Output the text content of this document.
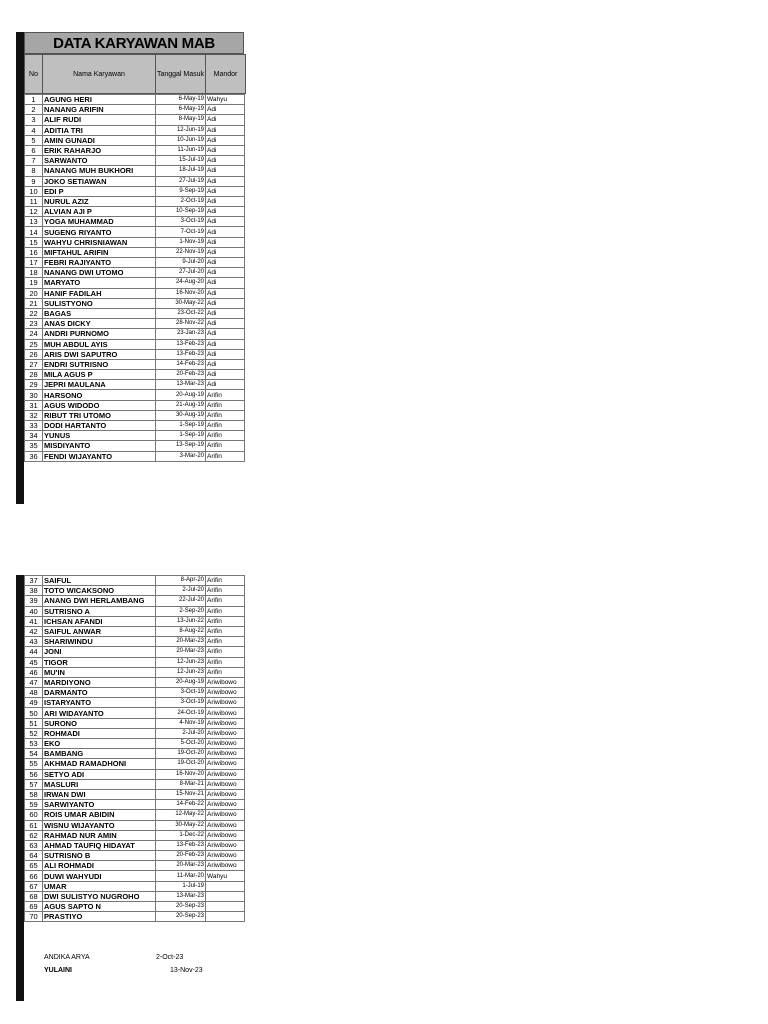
DATA KARYAWAN MAB
No	Nama Karyawan	Tanggal Masuk	Mandor
1	AGUNG HERI	6-May-19	Wahyu
2	NANANG ARIFIN	6-May-19	Adi
3	ALIF RUDI	8-May-19	Adi
4	ADITIA TRI	12-Jun-19	Adi
5	AMIN GUNADI	10-Jun-19	Adi
6	ERIK RAHARJO	11-Jun-19	Adi
7	SARWANTO	15-Jul-19	Adi
8	NANANG MUH BUKHORI	18-Jul-19	Adi
9	JOKO SETIAWAN	27-Jul-19	Adi
10	EDI P	9-Sep-19	Adi
11	NURUL AZIZ	2-Oct-19	Adi
12	ALVIAN AJI P	10-Sep-19	Adi
13	YOGA MUHAMMAD	3-Oct-19	Adi
14	SUGENG RIYANTO	7-Oct-19	Adi
15	WAHYU CHRISNIAWAN	1-Nov-19	Adi
16	MIFTAHUL ARIFIN	22-Nov-19	Adi
17	FEBRI RAJIYANTO	9-Jul-20	Adi
18	NANANG DWI UTOMO	27-Jul-20	Adi
19	MARYATO	24-Aug-20	Adi
20	HANIF FADILAH	16-Nov-20	Adi
21	SULISTYONO	30-May-22	Adi
22	BAGAS	23-Oct-22	Adi
23	ANAS DICKY	28-Nov-22	Adi
24	ANDRI PURNOMO	23-Jan-23	Adi
25	MUH ABDUL AYIS	13-Feb-23	Adi
26	ARIS DWI SAPUTRO	13-Feb-23	Adi
27	ENDRI SUTRISNO	14-Feb-23	Adi
28	MILA AGUS P	20-Feb-23	Adi
29	JEPRI MAULANA	13-Mar-23	Adi
30	HARSONO	20-Aug-19	Arifin
31	AGUS WIDODO	21-Aug-19	Arifin
32	RIBUT TRI UTOMO	30-Aug-19	Arifin
33	DODI HARTANTO	1-Sep-19	Arifin
34	YUNUS	1-Sep-19	Arifin
35	MISDIYANTO	13-Sep-19	Arifin
36	FENDI WIJAYANTO	3-Mar-20	Arifin
37	SAIFUL	8-Apr-20	Arifin
38	TOTO WICAKSONO	2-Jul-20	Arifin
39	ANANG DWI HERLAMBANG	22-Jul-20	Arifin
40	SUTRISNO A	2-Sep-20	Arifin
41	ICHSAN AFANDI	13-Jun-22	Arifin
42	SAIFUL ANWAR	8-Aug-22	Arifin
43	SHARIWINDU	20-Mar-23	Arifin
44	JONI	20-Mar-23	Arifin
45	TIGOR	12-Jun-23	Arifin
46	MU'IN	12-Jun-23	Arifin
47	MARDIYONO	20-Aug-19	Ariwibowo
48	DARMANTO	3-Oct-19	Ariwibowo
49	ISTARYANTO	3-Oct-19	Ariwibowo
50	ARI WIDAYANTO	24-Oct-19	Ariwibowo
51	SURONO	4-Nov-19	Ariwibowo
52	ROHMADI	2-Jul-20	Ariwibowo
53	EKO	5-Oct-20	Ariwibowo
54	BAMBANG	19-Oct-20	Ariwibowo
55	AKHMAD RAMADHONI	19-Oct-20	Ariwibowo
56	SETYO ADI	16-Nov-20	Ariwibowo
57	MASLURI	8-Mar-21	Ariwibowo
58	IRWAN DWI	15-Nov-21	Ariwibowo
59	SARWIYANTO	14-Feb-22	Ariwibowo
60	ROIS UMAR ABIDIN	12-May-22	Ariwibowo
61	WISNU WIJAYANTO	30-May-22	Ariwibowo
62	RAHMAD NUR AMIN	1-Dec-22	Ariwibowo
63	AHMAD TAUFIQ HIDAYAT	13-Feb-23	Ariwibowo
64	SUTRISNO B	20-Feb-23	Ariwibowo
65	ALI ROHMADI	20-Mar-23	Ariwibowo
66	DUWI WAHYUDI	11-Mar-20	Wahyu
67	UMAR	1-Jul-19	
68	DWI SULISTYO NUGROHO	13-Mar-23	
69	AGUS SAPTO N	20-Sep-23	
70	PRASTIYO	20-Sep-23	
ANDIKA ARYA	2-Oct-23
YULAINI	13-Nov-23
